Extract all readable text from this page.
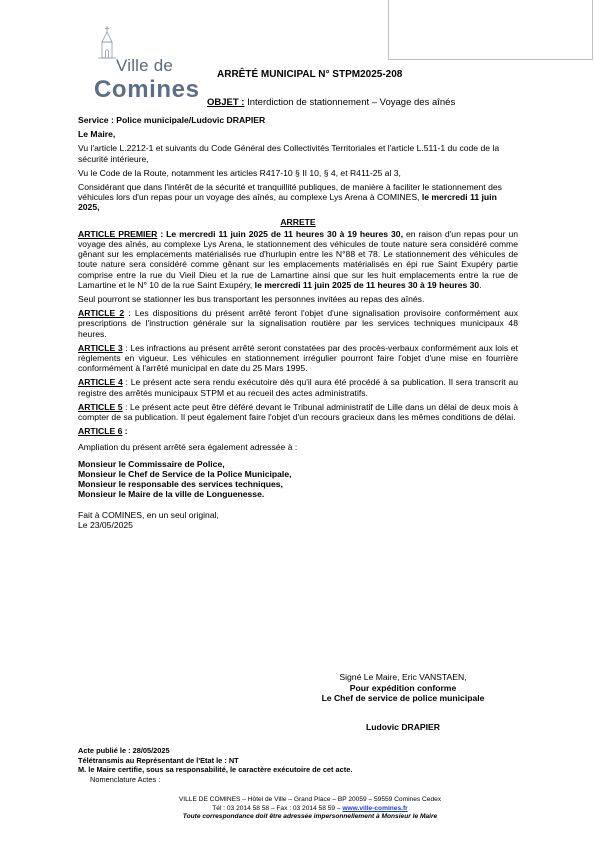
Ville de
Comines
ARRÊTÉ MUNICIPAL N° STPM2025-208
OBJET : Interdiction de stationnement – Voyage des aînés

Service : Police municipale/Ludovic DRAPIER

Le Maire,

Vu l'article L.2212-1 et suivants du Code Général des Collectivités Territoriales et l'article L.511-1 du code de la sécurité intérieure,

Vu le Code de la Route, notamment les articles R417-10 § II 10, § 4, et R411-25 al 3,

Considérant que dans l'intérêt de la sécurité et tranquillité publiques, de manière à faciliter le stationnement des véhicules lors d'un repas pour un voyage des aînés, au complexe Lys Arena à COMINES, le mercredi 11 juin 2025,

ARRETE

ARTICLE PREMIER : Le mercredi 11 juin 2025 de 11 heures 30 à 19 heures 30, en raison d'un repas pour un voyage des aînés, au complexe Lys Arena, le stationnement des véhicules de toute nature sera considéré comme gênant sur les emplacements matérialisés rue d'hurlupin entre les N°88 et 78. Le stationnement des véhicules de toute nature sera considéré comme gênant sur les emplacements matérialisés en épi rue Saint Exupéry partie comprise entre la rue du Vieil Dieu et la rue de Lamartine ainsi que sur les huit emplacements entre la rue de Lamartine et le N° 10 de la rue Saint Exupéry, le mercredi 11 juin 2025 de 11 heures 30 à 19 heures 30.

Seul pourront se stationner les bus transportant les personnes invitées au repas des aînés.

ARTICLE 2 : Les dispositions du présent arrêté feront l'objet d'une signalisation provisoire conformément aux prescriptions de l'instruction générale sur la signalisation routière par les services techniques municipaux 48 heures.

ARTICLE 3 : Les infractions au présent arrêté seront constatées par des procès-verbaux conformément aux lois et règlements en vigueur. Les véhicules en stationnement irrégulier pourront faire l'objet d'une mise en fourrière conformément à l'arrêté municipal en date du 25 Mars 1995.

ARTICLE 4 : Le présent acte sera rendu exécutoire dès qu'il aura été procédé à sa publication. Il sera transcrit au registre des arrêtés municipaux STPM et au recueil des actes administratifs.

ARTICLE 5 : Le présent acte peut être déféré devant le Tribunal administratif de Lille dans un délai de deux mois à compter de sa publication. Il peut également faire l'objet d'un recours gracieux dans les mêmes conditions de délai.

ARTICLE 6 :

Ampliation du présent arrêté sera également adressée à :

Monsieur le Commissaire de Police,
Monsieur le Chef de Service de la Police Municipale,
Monsieur le responsable des services techniques,
Monsieur le Maire de la ville de Longuenesse.
Fait à COMINES, en un seul original,
Le 23/05/2025

Signé Le Maire, Eric VANSTAEN,

Pour expédition conforme

Le Chef de service de police municipale

Ludovic DRAPIER

Acte publié le : 28/05/2025

Télétransmis au Représentant de l'Etat le : NT

M. le Maire certifie, sous sa responsabilité, le caractère exécutoire de cet acte.

Nomenclature Actes :

VILLE DE COMINES – Hôtel de Ville – Grand Place – BP 20059 – 59559 Comines Cedex

Tél : 03 2014 58 58 – Fax : 03 2014 58 59 – www.ville-comines.fr

Toute correspondance doit être adressée impersonnellement à Monsieur le Maire
